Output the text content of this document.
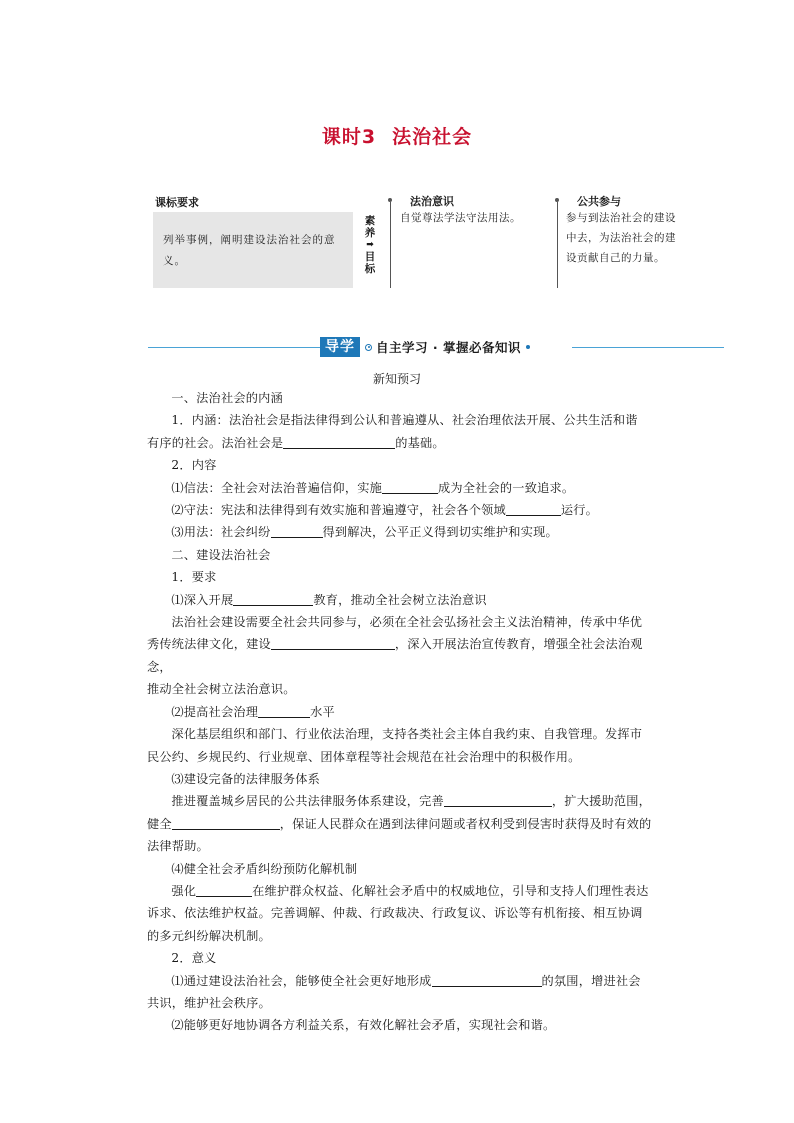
课时3 法治社会
课标要求
列举事例，阐明建设法治社会的意义。
素
养
➡
目
标
法治意识
自觉尊法学法守法用法。
公共参与
参与到法治社会的建设中去，为法治社会的建设贡献自己的力量。
导学	自主学习 · 掌握必备知识
新知预习

一、法治社会的内涵

1．内涵：法治社会是指法律得到公认和普遍遵从、社会治理依法开展、公共生活和谐

有序的社会。法治社会是	的基础。

2．内容

⑴信法：全社会对法治普遍信仰，实施	成为全社会的一致追求。

⑵守法：宪法和法律得到有效实施和普遍遵守，社会各个领域	运行。

⑶用法：社会纠纷	得到解决，公平正义得到切实维护和实现。

二、建设法治社会

1．要求

⑴深入开展	教育，推动全社会树立法治意识

法治社会建设需要全社会共同参与，必须在全社会弘扬社会主义法治精神，传承中华优

秀传统法律文化，建设	，深入开展法治宣传教育，增强全社会法治观念，

推动全社会树立法治意识。

⑵提高社会治理	水平

深化基层组织和部门、行业依法治理，支持各类社会主体自我约束、自我管理。发挥市

民公约、乡规民约、行业规章、团体章程等社会规范在社会治理中的积极作用。

⑶建设完备的法律服务体系

推进覆盖城乡居民的公共法律服务体系建设，完善	，扩大援助范围，

健全	，保证人民群众在遇到法律问题或者权利受到侵害时获得及时有效的

法律帮助。

⑷健全社会矛盾纠纷预防化解机制

强化	在维护群众权益、化解社会矛盾中的权威地位，引导和支持人们理性表达

诉求、依法维护权益。完善调解、仲裁、行政裁决、行政复议、诉讼等有机衔接、相互协调

的多元纠纷解决机制。

2．意义

⑴通过建设法治社会，能够使全社会更好地形成	的氛围，增进社会

共识，维护社会秩序。

⑵能够更好地协调各方利益关系，有效化解社会矛盾，实现社会和谐。
